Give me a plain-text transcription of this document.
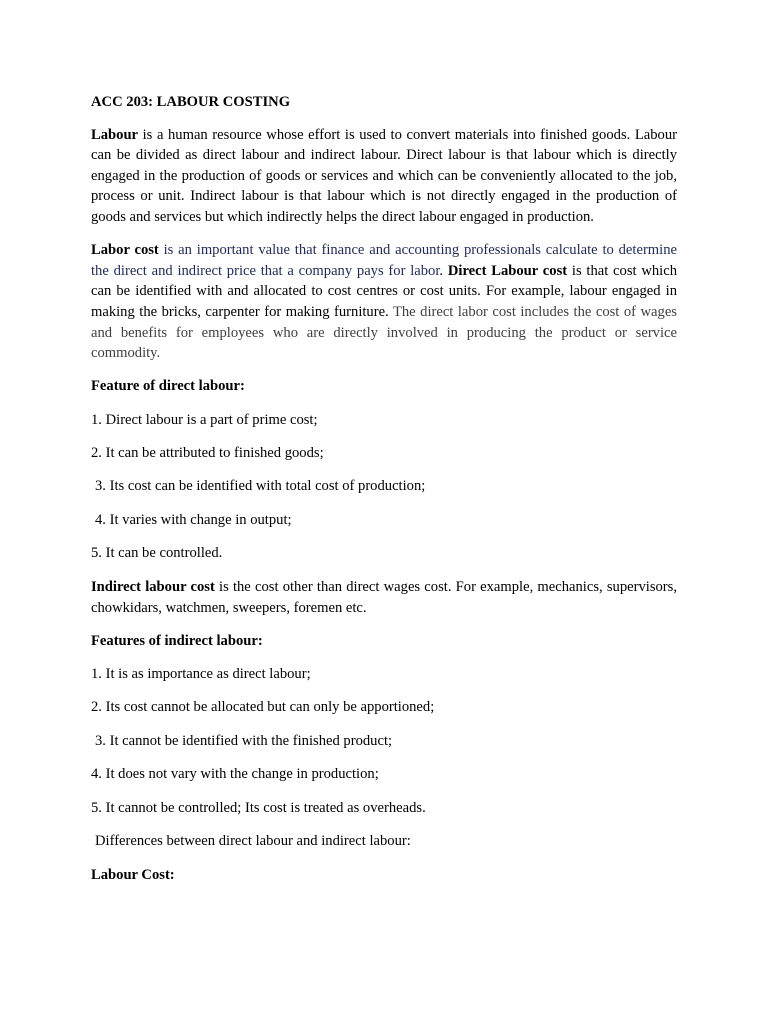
ACC 203: LABOUR COSTING
Labour is a human resource whose effort is used to convert materials into finished goods. Labour can be divided as direct labour and indirect labour. Direct labour is that labour which is directly engaged in the production of goods or services and which can be conveniently allocated to the job, process or unit. Indirect labour is that labour which is not directly engaged in the production of goods and services but which indirectly helps the direct labour engaged in production.
Labor cost is an important value that finance and accounting professionals calculate to determine the direct and indirect price that a company pays for labor. Direct Labour cost is that cost which can be identified with and allocated to cost centres or cost units. For example, labour engaged in making the bricks, carpenter for making furniture. The direct labor cost includes the cost of wages and benefits for employees who are directly involved in producing the product or service commodity.
Feature of direct labour:
1. Direct labour is a part of prime cost;
2. It can be attributed to finished goods;
3. Its cost can be identified with total cost of production;
4. It varies with change in output;
5. It can be controlled.
Indirect labour cost is the cost other than direct wages cost. For example, mechanics, supervisors, chowkidars, watchmen, sweepers, foremen etc.
Features of indirect labour:
1. It is as importance as direct labour;
2. Its cost cannot be allocated but can only be apportioned;
3. It cannot be identified with the finished product;
4. It does not vary with the change in production;
5. It cannot be controlled; Its cost is treated as overheads.
Differences between direct labour and indirect labour:
Labour Cost:
